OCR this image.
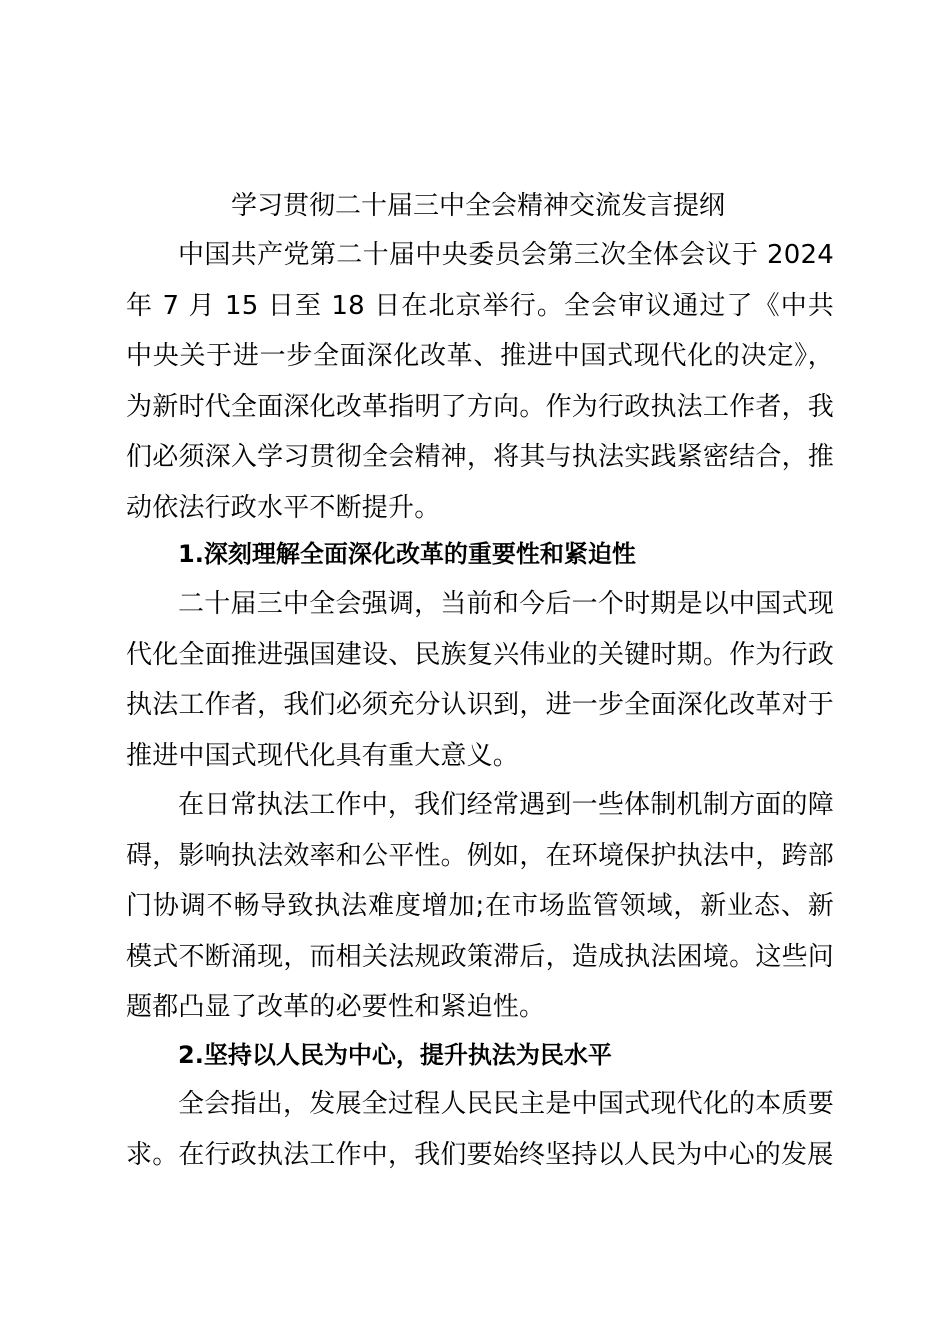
学习贯彻二十届三中全会精神交流发言提纲

中国共产党第二十届中央委员会第三次全体会议于 2024 年 7 月 15 日至 18 日在北京举行。全会审议通过了《中共中央关于进一步全面深化改革、推进中国式现代化的决定》，为新时代全面深化改革指明了方向。作为行政执法工作者，我们必须深入学习贯彻全会精神，将其与执法实践紧密结合，推动依法行政水平不断提升。

1.深刻理解全面深化改革的重要性和紧迫性

二十届三中全会强调，当前和今后一个时期是以中国式现代化全面推进强国建设、民族复兴伟业的关键时期。作为行政执法工作者，我们必须充分认识到，进一步全面深化改革对于推进中国式现代化具有重大意义。

在日常执法工作中，我们经常遇到一些体制机制方面的障碍，影响执法效率和公平性。例如，在环境保护执法中，跨部门协调不畅导致执法难度增加;在市场监管领域，新业态、新模式不断涌现，而相关法规政策滞后，造成执法困境。这些问题都凸显了改革的必要性和紧迫性。

2.坚持以人民为中心，提升执法为民水平

全会指出，发展全过程人民民主是中国式现代化的本质要求。在行政执法工作中，我们要始终坚持以人民为中心的发展
